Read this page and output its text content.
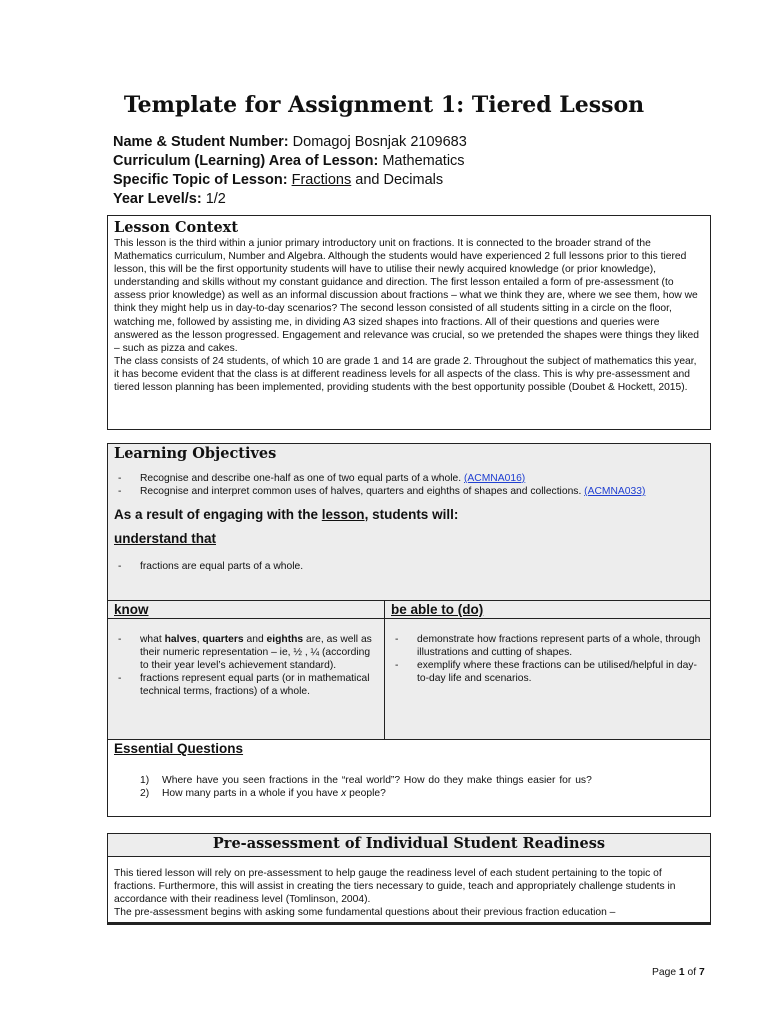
Template for Assignment 1: Tiered Lesson
Name & Student Number: Domagoj Bosnjak 2109683
Curriculum (Learning) Area of Lesson: Mathematics
Specific Topic of Lesson: Fractions and Decimals
Year Level/s: 1/2
Lesson Context
This lesson is the third within a junior primary introductory unit on fractions. It is connected to the broader strand of the Mathematics curriculum, Number and Algebra. Although the students would have experienced 2 full lessons prior to this tiered lesson, this will be the first opportunity students will have to utilise their newly acquired knowledge (or prior knowledge), understanding and skills without my constant guidance and direction. The first lesson entailed a form of pre-assessment (to assess prior knowledge) as well as an informal discussion about fractions – what we think they are, where we see them, how we think they might help us in day-to-day scenarios? The second lesson consisted of all students sitting in a circle on the floor, watching me, followed by assisting me, in dividing A3 sized shapes into fractions. All of their questions and queries were answered as the lesson progressed. Engagement and relevance was crucial, so we pretended the shapes were things they liked – such as pizza and cakes.
The class consists of 24 students, of which 10 are grade 1 and 14 are grade 2. Throughout the subject of mathematics this year, it has become evident that the class is at different readiness levels for all aspects of the class. This is why pre-assessment and tiered lesson planning has been implemented, providing students with the best opportunity possible (Doubet & Hockett, 2015).
Learning Objectives
- Recognise and describe one-half as one of two equal parts of a whole. (ACMNA016)
- Recognise and interpret common uses of halves, quarters and eighths of shapes and collections. (ACMNA033)
As a result of engaging with the lesson, students will:
understand that
- fractions are equal parts of a whole.
know
- what halves, quarters and eighths are, as well as their numeric representation – ie, ½ , ¼ (according to their year level’s achievement standard).
- fractions represent equal parts (or in mathematical technical terms, fractions) of a whole.
be able to (do)
- demonstrate how fractions represent parts of a whole, through illustrations and cutting of shapes.
- exemplify where these fractions can be utilised/helpful in day-to-day life and scenarios.
Essential Questions
1) Where have you seen fractions in the “real world”? How do they make things easier for us?
2) How many parts in a whole if you have x people?
Pre-assessment of Individual Student Readiness
This tiered lesson will rely on pre-assessment to help gauge the readiness level of each student pertaining to the topic of fractions. Furthermore, this will assist in creating the tiers necessary to guide, teach and appropriately challenge students in accordance with their readiness level (Tomlinson, 2004).
The pre-assessment begins with asking some fundamental questions about their previous fraction education –
Page 1 of 7
